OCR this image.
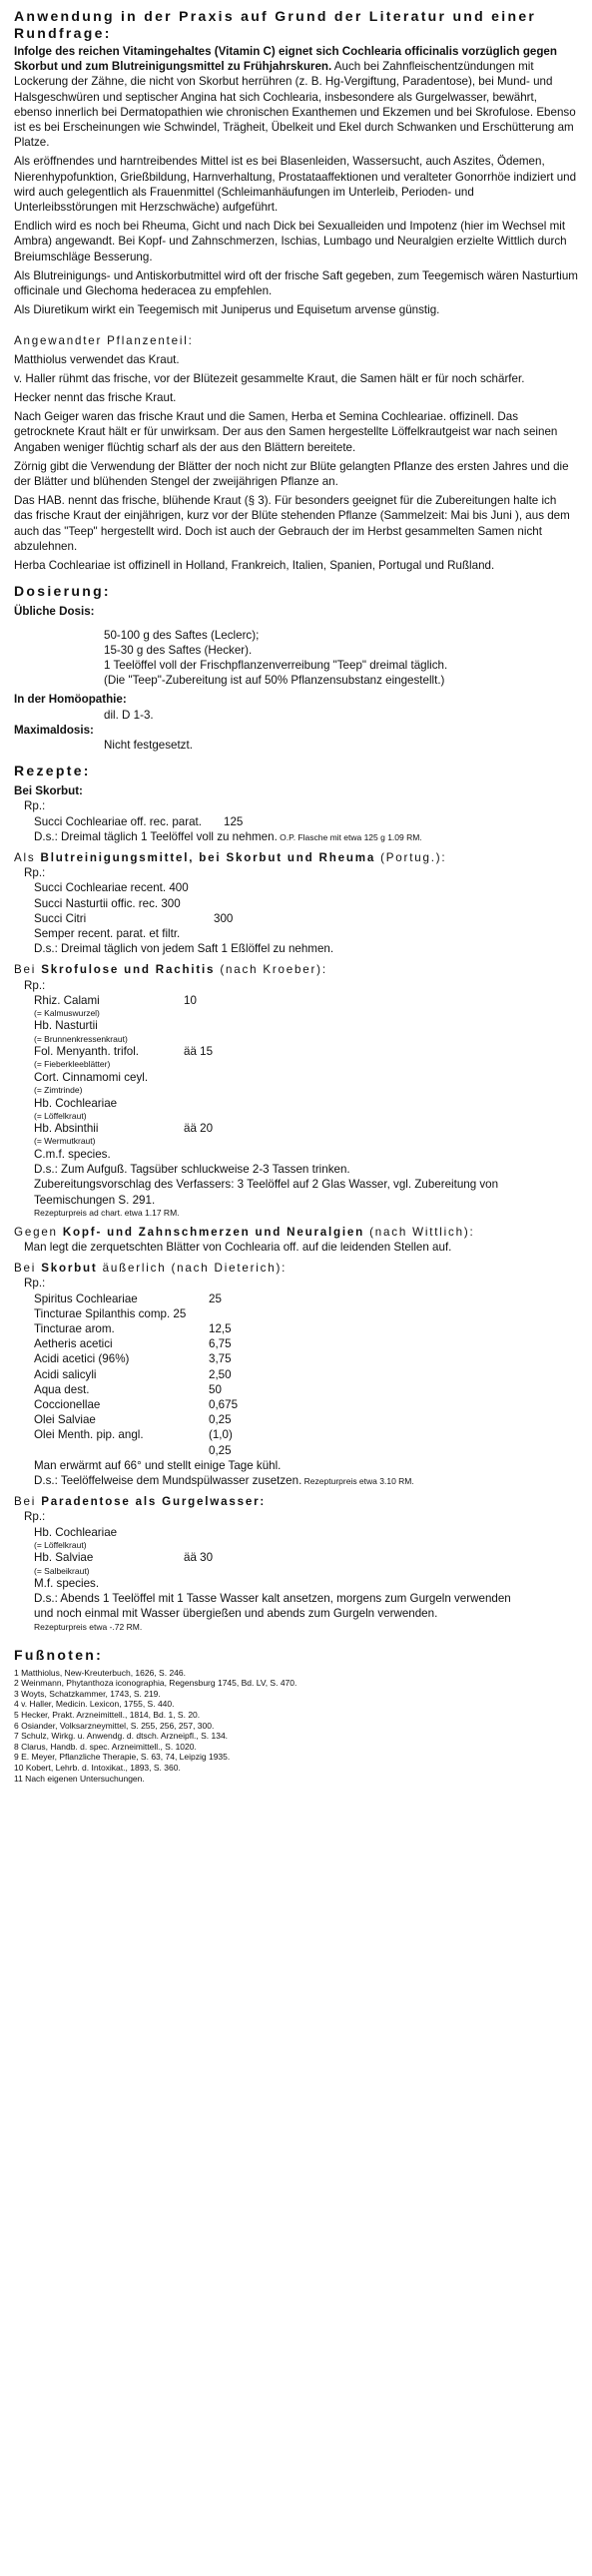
Anwendung in der Praxis auf Grund der Literatur und einer Rundfrage:

Infolge des reichen Vitamingehaltes (Vitamin C) eignet sich Cochlearia officinalis vorzüglich gegen Skorbut und zum Blutreinigungsmittel zu Frühjahrskuren. Auch bei Zahnfleischentzündungen mit Lockerung der Zähne, die nicht von Skorbut herrühren (z. B. Hg-Vergiftung, Paradentose), bei Mund- und Halsgeschwüren und septischer Angina hat sich Cochlearia, insbesondere als Gurgelwasser, bewährt, ebenso innerlich bei Dermatopathien wie chronischen Exanthemen und Ekzemen und bei Skrofulose. Ebenso ist es bei Erscheinungen wie Schwindel, Trägheit, Übelkeit und Ekel durch Schwanken und Erschütterung am Platze.

Als eröffnendes und harntreibendes Mittel ist es bei Blasenleiden, Wassersucht, auch Aszites, Ödemen, Nierenhypofunktion, Grießbildung, Harnverhaltung, Prostataaffektionen und veralteter Gonorrhöe indiziert und wird auch gelegentlich als Frauenmittel (Schleimanhäufungen im Unterleib, Perioden- und Unterleibsstörungen mit Herzschwäche) aufgeführt.

Endlich wird es noch bei Rheuma, Gicht und nach Dick bei Sexualleiden und Impotenz (hier im Wechsel mit Ambra) angewandt. Bei Kopf- und Zahnschmerzen, Ischias, Lumbago und Neuralgien erzielte Wittlich durch Breiumschläge Besserung.

Als Blutreinigungs- und Antiskorbutmittel wird oft der frische Saft gegeben, zum Teegemisch wären Nasturtium officinale und Glechoma hederacea zu empfehlen.

Als Diuretikum wirkt ein Teegemisch mit Juniperus und Equisetum arvense günstig.

Angewandter Pflanzenteil:

Matthiolus verwendet das Kraut.

v. Haller rühmt das frische, vor der Blütezeit gesammelte Kraut, die Samen hält er für noch schärfer.

Hecker nennt das frische Kraut.

Nach Geiger waren das frische Kraut und die Samen, Herba et Semina Cochleariae. offizinell. Das getrocknete Kraut hält er für unwirksam. Der aus den Samen hergestellte Löffelkrautgeist war nach seinen Angaben weniger flüchtig scharf als der aus den Blättern bereitete.

Zörnig gibt die Verwendung der Blätter der noch nicht zur Blüte gelangten Pflanze des ersten Jahres und die der Blätter und blühenden Stengel der zweijährigen Pflanze an.

Das HAB. nennt das frische, blühende Kraut (§ 3). Für besonders geeignet für die Zubereitungen halte ich das frische Kraut der einjährigen, kurz vor der Blüte stehenden Pflanze (Sammelzeit: Mai bis Juni ), aus dem auch das "Teep" hergestellt wird. Doch ist auch der Gebrauch der im Herbst gesammelten Samen nicht abzulehnen.

Herba Cochleariae ist offizinell in Holland, Frankreich, Italien, Spanien, Portugal und Rußland.

Dosierung:
Übliche Dosis:
50-100 g des Saftes (Leclerc);
15-30 g des Saftes (Hecker).
1 Teelöffel voll der Frischpflanzenverreibung "Teep" dreimal täglich.
(Die "Teep"-Zubereitung ist auf 50% Pflanzensubstanz eingestellt.)
In der Homöopathie:
dil. D 1-3.
Maximaldosis:
Nicht festgesetzt.
Rezepte:
Bei Skorbut:
Rp.:
Succi Cochleariae off. rec. parat.	125
D.s.: Dreimal täglich 1 Teelöffel voll zu nehmen. O.P. Flasche mit etwa 125 g 1.09 RM.
Als Blutreinigungsmittel, bei Skorbut und Rheuma (Portug.):
Rp.:
Succi Cochleariae recent. 400
Succi Nasturtii offic. rec. 300
Succi Citri	300
Semper recent. parat. et filtr.
D.s.: Dreimal täglich von jedem Saft 1 Eßlöffel zu nehmen.
Bei Skrofulose und Rachitis (nach Kroeber):
Rp.:
Rhiz. Calami	10
(= Kalmuswurzel)
Hb. Nasturtii
(= Brunnenkressenkraut)
Fol. Menyanth. trifol.	ää 15
(= Fieberkleeblätter)
Cort. Cinnamomi ceyl.
(= Zimtrinde)
Hb. Cochleariae
(= Löffelkraut)
Hb. Absinthii	ää 20
(= Wermutkraut)
C.m.f. species.
D.s.: Zum Aufguß. Tagsüber schluckweise 2-3 Tassen trinken.
Zubereitungsvorschlag des Verfassers: 3 Teelöffel auf 2 Glas Wasser, vgl. Zubereitung von Teemischungen S. 291.
Rezepturpreis ad chart. etwa 1.17 RM.
Gegen Kopf- und Zahnschmerzen und Neuralgien (nach Wittlich):
Man legt die zerquetschten Blätter von Cochlearia off. auf die leidenden Stellen auf.
Bei Skorbut äußerlich (nach Dieterich):
Rp.:
Spiritus Cochleariae	25
Tincturae Spilanthis comp. 25
Tincturae arom.	12,5
Aetheris acetici	6,75
Acidi acetici (96%)	3,75
Acidi salicyli	2,50
Aqua dest.	50
Coccionellae	0,675
Olei Salviae	0,25
Olei Menth. pip. angl.	(1,0)
0,25
Man erwärmt auf 66° und stellt einige Tage kühl.
D.s.: Teelöffelweise dem Mundspülwasser zusetzen. Rezepturpreis etwa 3.10 RM.
Bei Paradentose als Gurgelwasser:
Rp.:
Hb. Cochleariae
(= Löffelkraut)
Hb. Salviae	ää 30
(= Salbeikraut)
M.f. species.
D.s.: Abends 1 Teelöffel mit 1 Tasse Wasser kalt ansetzen, morgens zum Gurgeln verwenden
und noch einmal mit Wasser übergießen und abends zum Gurgeln verwenden.
Rezepturpreis etwa -.72 RM.
Fußnoten:
1 Matthiolus, New-Kreuterbuch, 1626, S. 246.
2 Weinmann, Phytanthoza iconographia, Regensburg 1745, Bd. LV, S. 470.
3 Woyts, Schatzkammer, 1743, S. 219.
4 v. Haller, Medicin. Lexicon, 1755, S. 440.
5 Hecker, Prakt. Arzneimittell., 1814, Bd. 1, S. 20.
6 Osiander, Volksarzneymittel, S. 255, 256, 257, 300.
7 Schulz, Wirkg. u. Anwendg. d. dtsch. Arzneipfl., S. 134.
8 Clarus, Handb. d. spec. Arzneimittell., S. 1020.
9 E. Meyer, Pflanzliche Therapie, S. 63, 74, Leipzig 1935.
10 Kobert, Lehrb. d. Intoxikat., 1893, S. 360.
11 Nach eigenen Untersuchungen.
